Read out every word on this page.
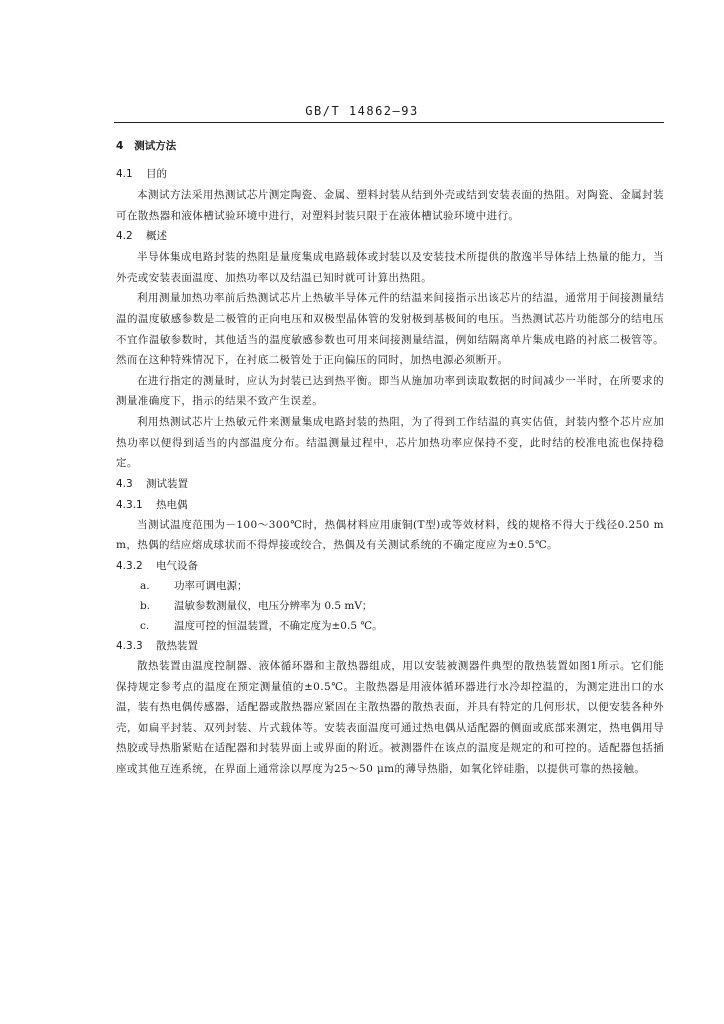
GB/T 14862—93
4 测试方法
4.1 目的

本测试方法采用热测试芯片测定陶瓷、金属、塑料封装从结到外壳或结到安装表面的热阻。对陶瓷、金属封装可在散热器和液体槽试验环境中进行，对塑料封装只限于在液体槽试验环境中进行。

4.2 概述

半导体集成电路封装的热阻是量度集成电路载体或封装以及安装技术所提供的散逸半导体结上热量的能力，当外壳或安装表面温度、加热功率以及结温已知时就可计算出热阻。

利用测量加热功率前后热测试芯片上热敏半导体元件的结温来间接指示出该芯片的结温，通常用于间接测量结温的温度敏感参数是二极管的正向电压和双极型晶体管的发射极到基极间的电压。当热测试芯片功能部分的结电压不宜作温敏参数时，其他适当的温度敏感参数也可用来间接测量结温，例如结隔离单片集成电路的衬底二极管等。然而在这种特殊情况下，在衬底二极管处于正向偏压的同时，加热电源必须断开。

在进行指定的测量时，应认为封装已达到热平衡。即当从施加功率到读取数据的时间减少一半时，在所要求的测量准确度下，指示的结果不致产生误差。

利用热测试芯片上热敏元件来测量集成电路封装的热阻，为了得到工作结温的真实估值，封装内整个芯片应加热功率以便得到适当的内部温度分布。结温测量过程中，芯片加热功率应保持不变，此时结的校准电流也保持稳定。

4.3 测试装置
4.3.1 热电偶

当测试温度范围为－100～300℃时，热偶材料应用康铜(T型)或等效材料，线的规格不得大于线径0.250 mm，热偶的结应熔成球状而不得焊接或绞合，热偶及有关测试系统的不确定度应为±0.5℃。

4.3.2 电气设备
a. 功率可调电源；
b. 温敏参数测量仪，电压分辨率为 0.5 mV；
c. 温度可控的恒温装置，不确定度为±0.5 ℃。
4.3.3 散热装置

散热装置由温度控制器、液体循环器和主散热器组成，用以安装被测器件典型的散热装置如图1所示。它们能保持规定参考点的温度在预定测量值的±0.5℃。主散热器是用液体循环器进行水冷却控温的，为测定进出口的水温，装有热电偶传感器，适配器或散热器应紧固在主散热器的散热表面，并具有特定的几何形状，以便安装各种外壳，如扁平封装、双列封装、片式载体等。安装表面温度可通过热电偶从适配器的侧面或底部来测定，热电偶用导热胶或导热脂紧贴在适配器和封装界面上或界面的附近。被测器件在该点的温度是规定的和可控的。适配器包括插座或其他互连系统，在界面上通常涂以厚度为25～50 μm的薄导热脂，如氧化锌硅脂，以提供可靠的热接触。
